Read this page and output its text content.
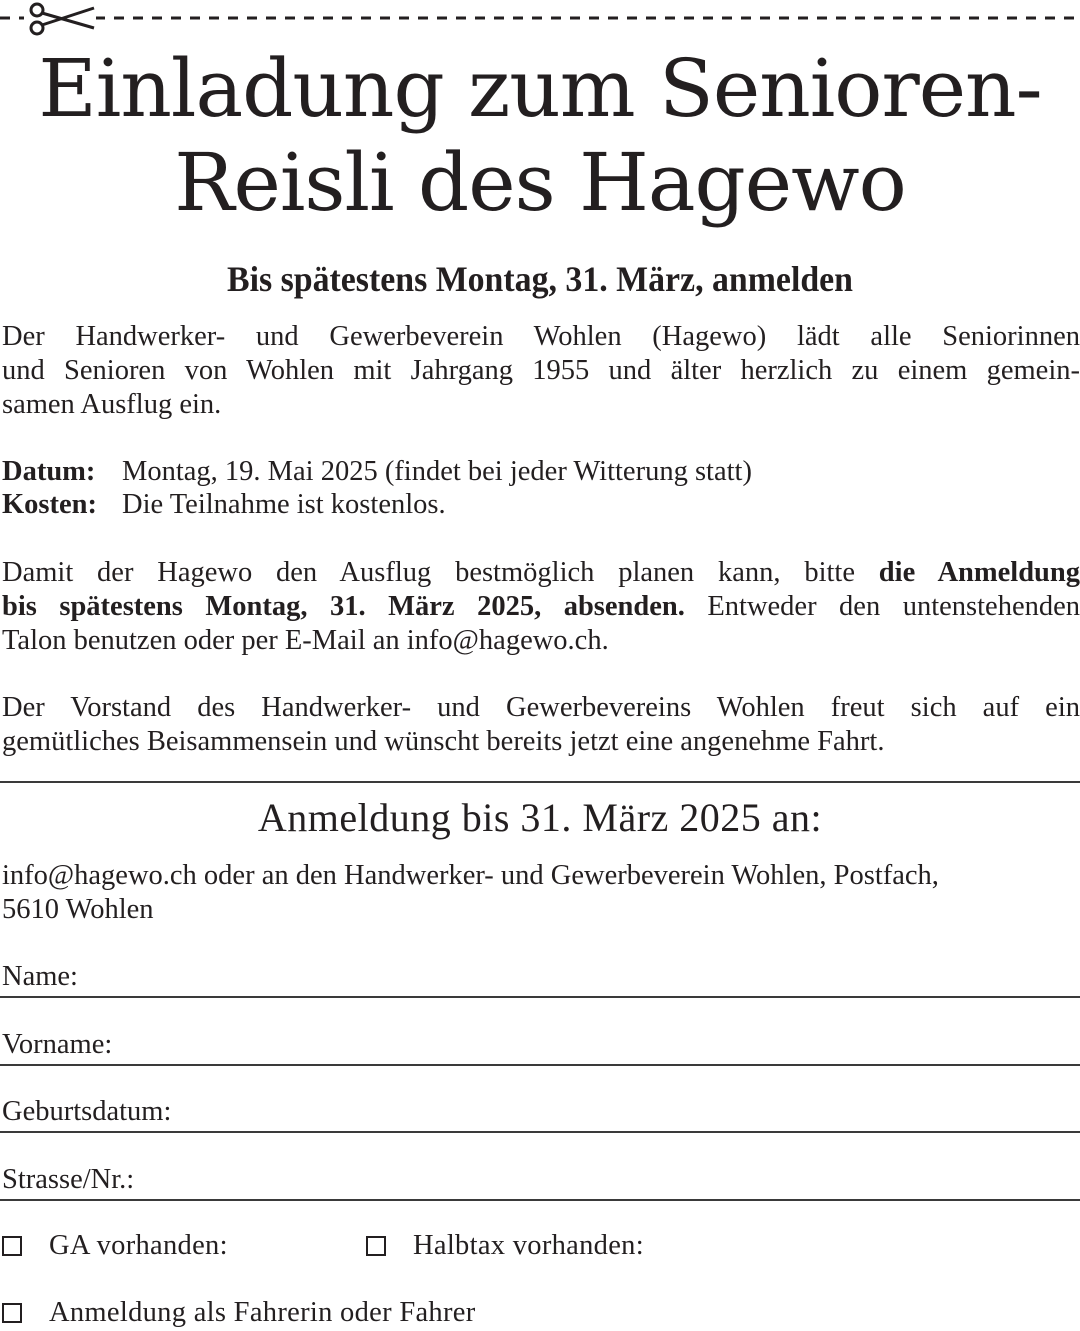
Einladung zum Senioren-
Reisli des Hagewo
Bis spätestens Montag, 31. März, anmelden

Der Handwerker- und Gewerbeverein Wohlen (Hagewo) lädt alle Seniorinnen
und Senioren von Wohlen mit Jahrgang 1955 und älter herzlich zu einem gemein-
samen Ausflug ein.

Datum: Montag, 19. Mai 2025 (findet bei jeder Witterung statt)
Kosten: Die Teilnahme ist kostenlos.

Damit der Hagewo den Ausflug bestmöglich planen kann, bitte die Anmeldung
bis spätestens Montag, 31. März 2025, absenden. Entweder den untenstehenden
Talon benutzen oder per E-Mail an info@hagewo.ch.

Der Vorstand des Handwerker- und Gewerbevereins Wohlen freut sich auf ein
gemütliches Beisammensein und wünscht bereits jetzt eine angenehme Fahrt.

Anmeldung bis 31. März 2025 an:

info@hagewo.ch oder an den Handwerker- und Gewerbeverein Wohlen, Postfach,
5610 Wohlen

Name:
Vorname:
Geburtsdatum:
Strasse/Nr.:
GA vorhanden:	Halbtax vorhanden:
Anmeldung als Fahrerin oder Fahrer
